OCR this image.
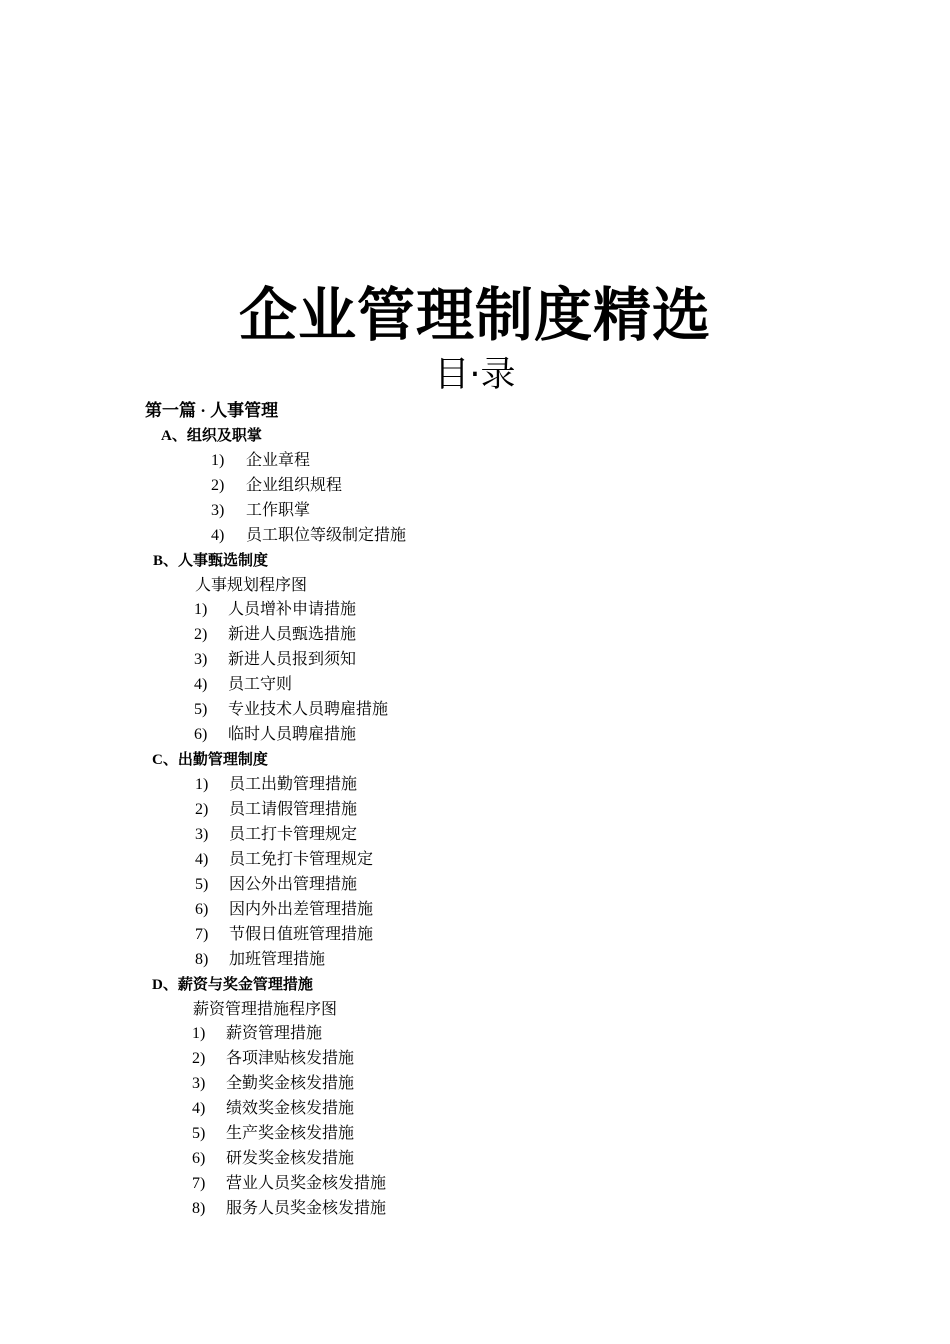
企业管理制度精选
目·录
第一篇 · 人事管理
A、组织及职掌
1) 企业章程
2) 企业组织规程
3) 工作职掌
4) 员工职位等级制定措施
B、人事甄选制度
人事规划程序图
1) 人员增补申请措施
2) 新进人员甄选措施
3) 新进人员报到须知
4) 员工守则
5) 专业技术人员聘雇措施
6) 临时人员聘雇措施
C、出勤管理制度
1) 员工出勤管理措施
2) 员工请假管理措施
3) 员工打卡管理规定
4) 员工免打卡管理规定
5) 因公外出管理措施
6) 因内外出差管理措施
7) 节假日值班管理措施
8) 加班管理措施
D、薪资与奖金管理措施
薪资管理措施程序图
1) 薪资管理措施
2) 各项津贴核发措施
3) 全勤奖金核发措施
4) 绩效奖金核发措施
5) 生产奖金核发措施
6) 研发奖金核发措施
7) 营业人员奖金核发措施
8) 服务人员奖金核发措施
